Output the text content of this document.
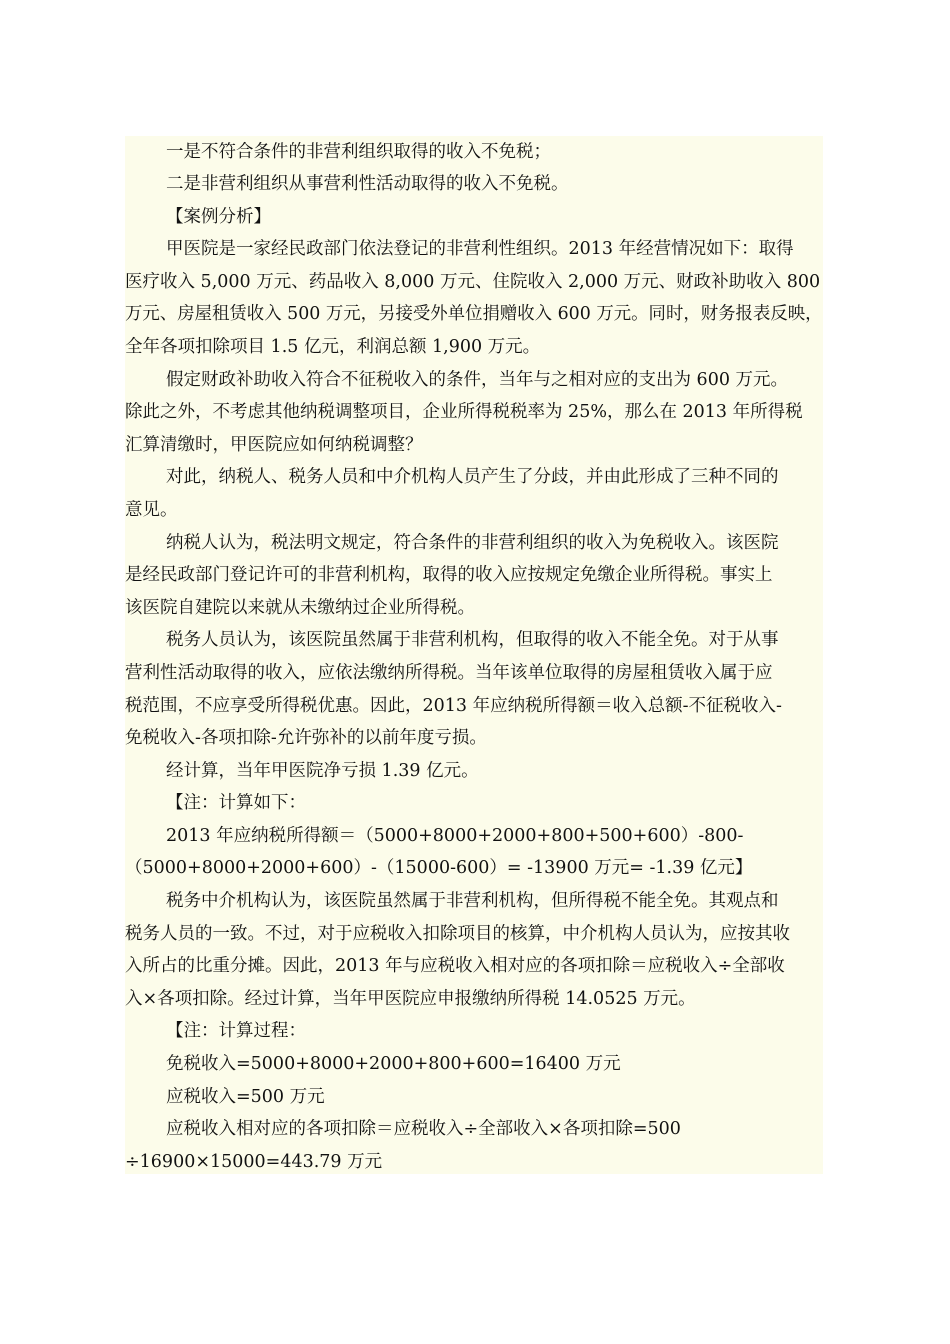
一是不符合条件的非营利组织取得的收入不免税；

二是非营利组织从事营利性活动取得的收入不免税。

【案例分析】

甲医院是一家经民政部门依法登记的非营利性组织。2013 年经营情况如下：取得

医疗收入 5,000 万元、药品收入 8,000 万元、住院收入 2,000 万元、财政补助收入 800

万元、房屋租赁收入 500 万元，另接受外单位捐赠收入 600 万元。同时，财务报表反映，

全年各项扣除项目 1.5 亿元，利润总额 1,900 万元。

假定财政补助收入符合不征税收入的条件，当年与之相对应的支出为 600 万元。

除此之外，不考虑其他纳税调整项目，企业所得税税率为 25%，那么在 2013 年所得税

汇算清缴时，甲医院应如何纳税调整？

对此，纳税人、税务人员和中介机构人员产生了分歧，并由此形成了三种不同的

意见。

纳税人认为，税法明文规定，符合条件的非营利组织的收入为免税收入。该医院

是经民政部门登记许可的非营利机构，取得的收入应按规定免缴企业所得税。事实上

该医院自建院以来就从未缴纳过企业所得税。

税务人员认为，该医院虽然属于非营利机构，但取得的收入不能全免。对于从事

营利性活动取得的收入，应依法缴纳所得税。当年该单位取得的房屋租赁收入属于应

税范围，不应享受所得税优惠。因此，2013 年应纳税所得额＝收入总额-不征税收入-

免税收入-各项扣除-允许弥补的以前年度亏损。

经计算，当年甲医院净亏损 1.39 亿元。

【注：计算如下：

2013 年应纳税所得额＝（5000+8000+2000+800+500+600）-800-

（5000+8000+2000+600）-（15000-600）= -13900 万元= -1.39 亿元】

税务中介机构认为，该医院虽然属于非营利机构，但所得税不能全免。其观点和

税务人员的一致。不过，对于应税收入扣除项目的核算，中介机构人员认为，应按其收

入所占的比重分摊。因此，2013 年与应税收入相对应的各项扣除＝应税收入÷全部收

入×各项扣除。经过计算，当年甲医院应申报缴纳所得税 14.0525 万元。

【注：计算过程：

免税收入=5000+8000+2000+800+600=16400 万元

应税收入=500 万元

应税收入相对应的各项扣除＝应税收入÷全部收入×各项扣除=500

÷16900×15000=443.79 万元
